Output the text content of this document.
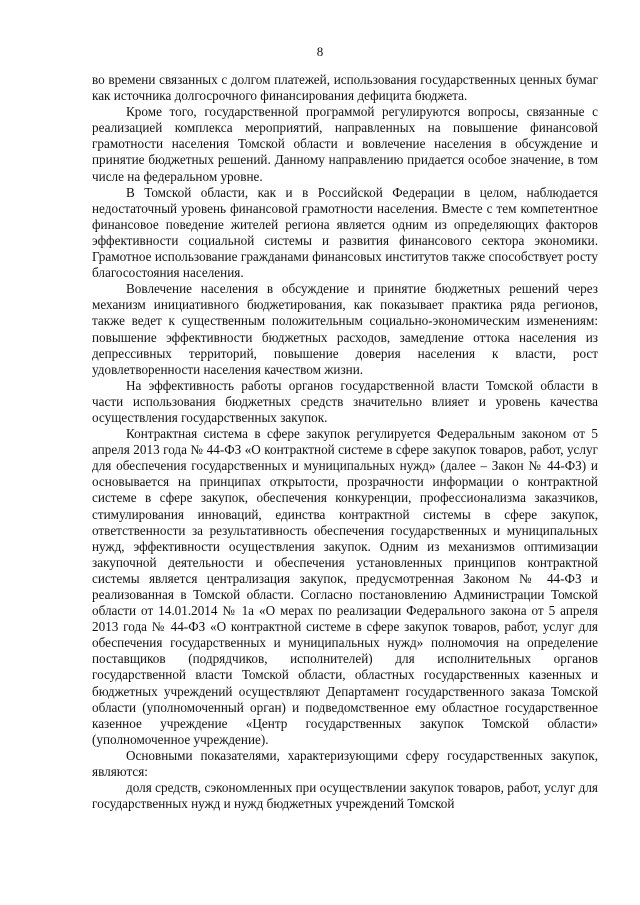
8

во времени связанных с долгом платежей, использования государственных ценных бумаг как источника долгосрочного финансирования дефицита бюджета.

Кроме того, государственной программой регулируются вопросы, связанные с реализацией комплекса мероприятий, направленных на повышение финансовой грамотности населения Томской области и вовлечение населения в обсуждение и принятие бюджетных решений. Данному направлению придается особое значение, в том числе на федеральном уровне.

В Томской области, как и в Российской Федерации в целом, наблюдается недостаточный уровень финансовой грамотности населения. Вместе с тем компетентное финансовое поведение жителей региона является одним из определяющих факторов эффективности социальной системы и развития финансового сектора экономики. Грамотное использование гражданами финансовых институтов также способствует росту благосостояния населения.

Вовлечение населения в обсуждение и принятие бюджетных решений через механизм инициативного бюджетирования, как показывает практика ряда регионов, также ведет к существенным положительным социально-экономическим изменениям: повышение эффективности бюджетных расходов, замедление оттока населения из депрессивных территорий, повышение доверия населения к власти, рост удовлетворенности населения качеством жизни.

На эффективность работы органов государственной власти Томской области в части использования бюджетных средств значительно влияет и уровень качества осуществления государственных закупок.

Контрактная система в сфере закупок регулируется Федеральным законом от 5 апреля 2013 года № 44-ФЗ «О контрактной системе в сфере закупок товаров, работ, услуг для обеспечения государственных и муниципальных нужд» (далее – Закон № 44-ФЗ) и основывается на принципах открытости, прозрачности информации о контрактной системе в сфере закупок, обеспечения конкуренции, профессионализма заказчиков, стимулирования инноваций, единства контрактной системы в сфере закупок, ответственности за результативность обеспечения государственных и муниципальных нужд, эффективности осуществления закупок. Одним из механизмов оптимизации закупочной деятельности и обеспечения установленных принципов контрактной системы является централизация закупок, предусмотренная Законом № 44-ФЗ и реализованная в Томской области. Согласно постановлению Администрации Томской области от 14.01.2014 № 1а «О мерах по реализации Федерального закона от 5 апреля 2013 года № 44-ФЗ «О контрактной системе в сфере закупок товаров, работ, услуг для обеспечения государственных и муниципальных нужд» полномочия на определение поставщиков (подрядчиков, исполнителей) для исполнительных органов государственной власти Томской области, областных государственных казенных и бюджетных учреждений осуществляют Департамент государственного заказа Томской области (уполномоченный орган) и подведомственное ему областное государственное казенное учреждение «Центр государственных закупок Томской области» (уполномоченное учреждение).

Основными показателями, характеризующими сферу государственных закупок, являются:

доля средств, сэкономленных при осуществлении закупок товаров, работ, услуг для государственных нужд и нужд бюджетных учреждений Томской
